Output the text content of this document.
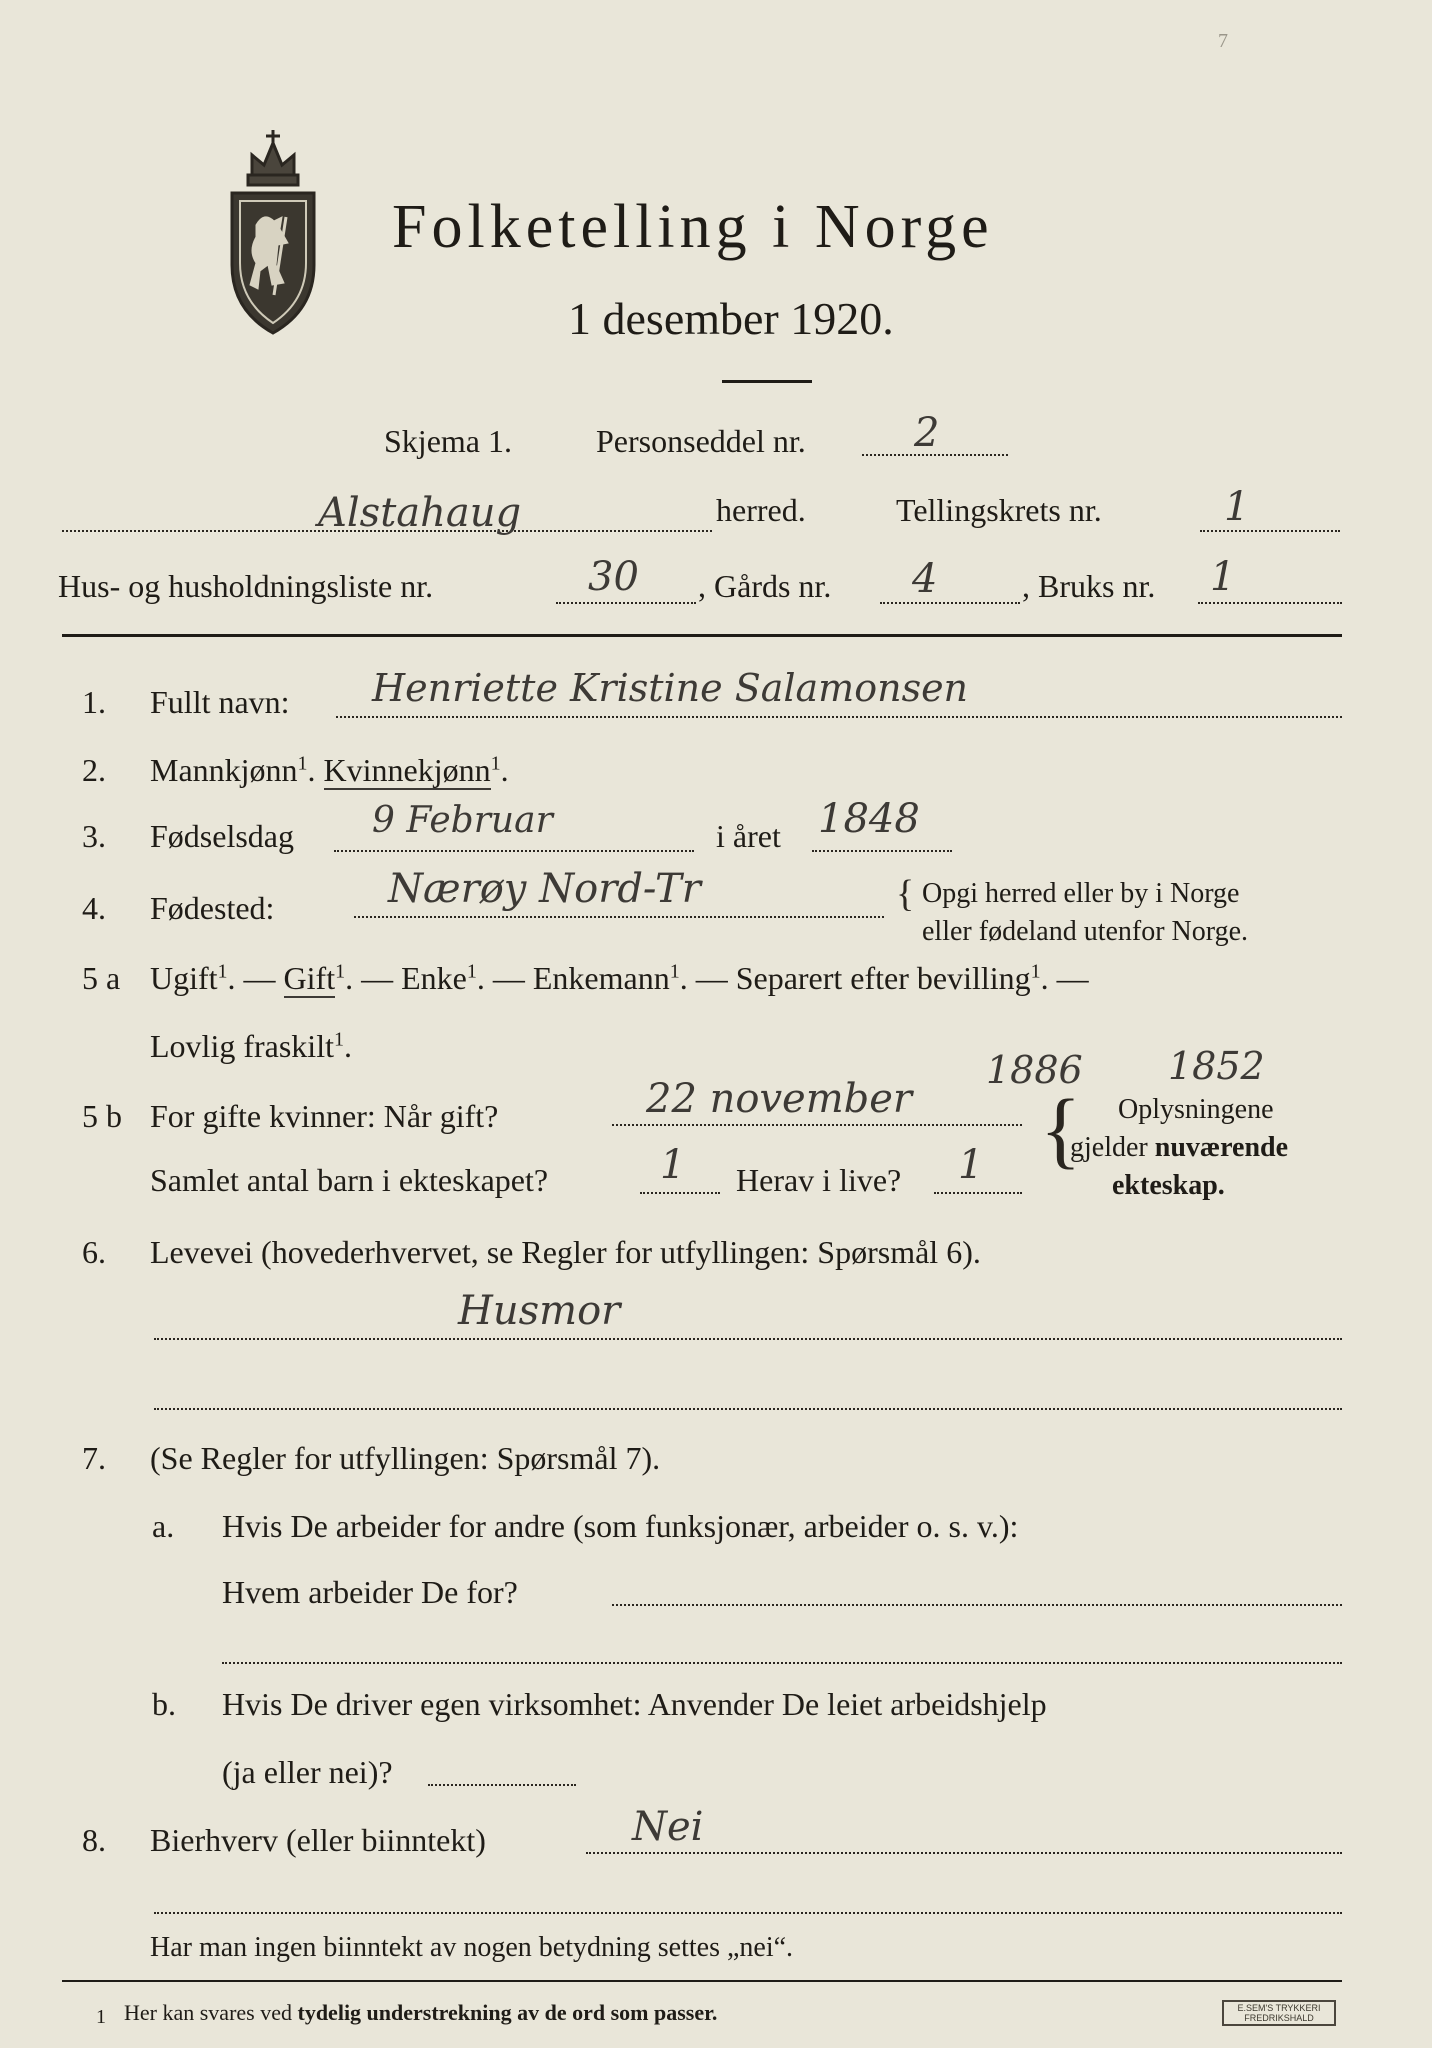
7
Folketelling i Norge
1 desember 1920.
Skjema 1.	Personseddel nr.	2
Alstahaug	herred.	Tellingskrets nr.	1
Hus- og husholdningsliste nr.	30 , Gårds nr. 4	, Bruks nr. 1
1. Fullt navn: Henriette Kristine Salamonsen
2. Mannkjønn$^1$. Kvinnekjønn$^1$.
3. Fødselsdag 9 Februar	i året 1848
4. Fødested:	Nærøy Nord-Tr	{ Opgi herred eller by i Norge
eller fødeland utenfor Norge.
5 a Ugift$^1$. — Gift$^1$. — Enke$^1$. — Enkemann$^1$. — Separert efter bevilling$^1$. —
Lovlig fraskilt$^1$.
5 b For gifte kvinner: Når gift?	22 november
1886 1852
Samlet antal barn i ekteskapet?	1 Herav i live? 1 { Oplysningene
gjelder nuværende
ekteskap.
6. Levevei (hovederhvervet, se Regler for utfyllingen: Spørsmål 6).
Husmor
7. (Se Regler for utfyllingen: Spørsmål 7).
a. Hvis De arbeider for andre (som funksjonær, arbeider o. s. v.):
Hvem arbeider De for?
b. Hvis De driver egen virksomhet: Anvender De leiet arbeidshjelp
(ja eller nei)?
8. Bierhverv (eller biinntekt)	Nei
Har man ingen biinntekt av nogen betydning settes „nei“.
1 Her kan svares ved tydelig understrekning av de ord som passer.	E.SEM'S TRYKKERI
FREDRIKSHALD
